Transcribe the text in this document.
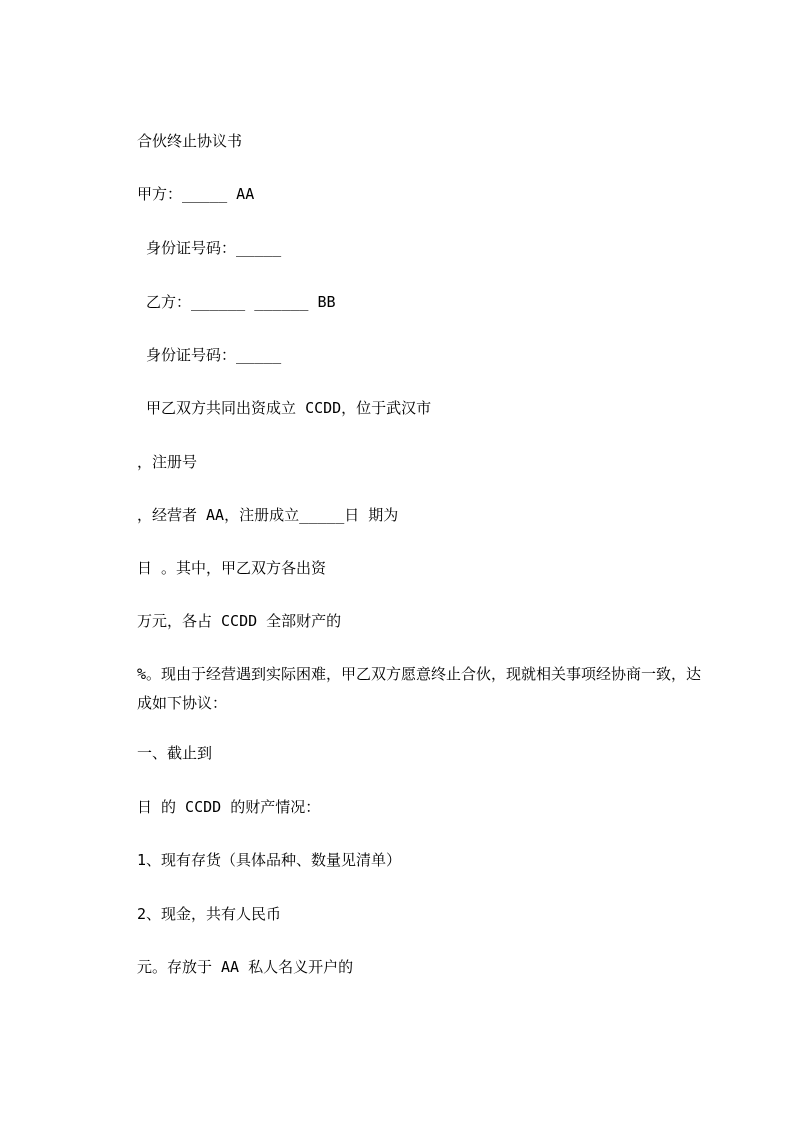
合伙终止协议书
甲方：_____ AA
身份证号码：_____
乙方：______ ______ BB
身份证号码：_____
甲乙双方共同出资成立 CCDD，位于武汉市
，注册号
，经营者 AA，注册成立_____日 期为
日 。其中，甲乙双方各出资
万元，各占 CCDD 全部财产的
%。现由于经营遇到实际困难，甲乙双方愿意终止合伙，现就相关事项经协商一致，达成如下协议：
一、截止到
日 的 CCDD 的财产情况：
1、现有存货（具体品种、数量见清单）
2、现金，共有人民币
元。存放于 AA 私人名义开户的
